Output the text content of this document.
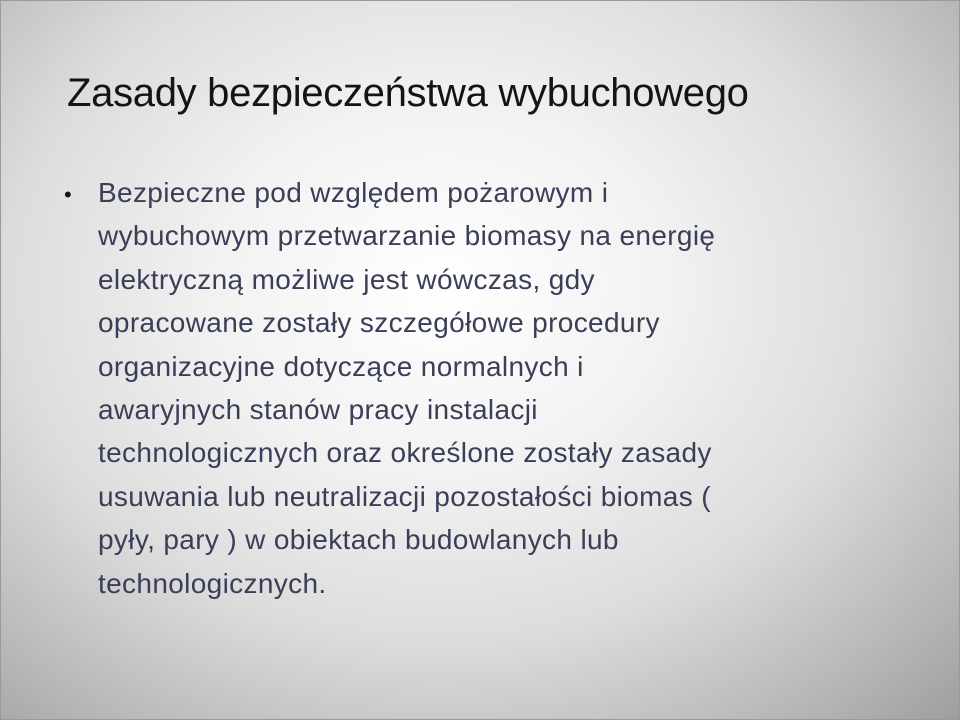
Zasady bezpieczeństwa wybuchowego
• Bezpieczne pod względem pożarowym i
wybuchowym przetwarzanie biomasy na energię
elektryczną możliwe jest wówczas, gdy
opracowane zostały szczegółowe procedury
organizacyjne dotyczące normalnych i
awaryjnych stanów pracy instalacji
technologicznych oraz określone zostały zasady
usuwania lub neutralizacji pozostałości biomas (
pyły, pary ) w obiektach budowlanych lub
technologicznych.
